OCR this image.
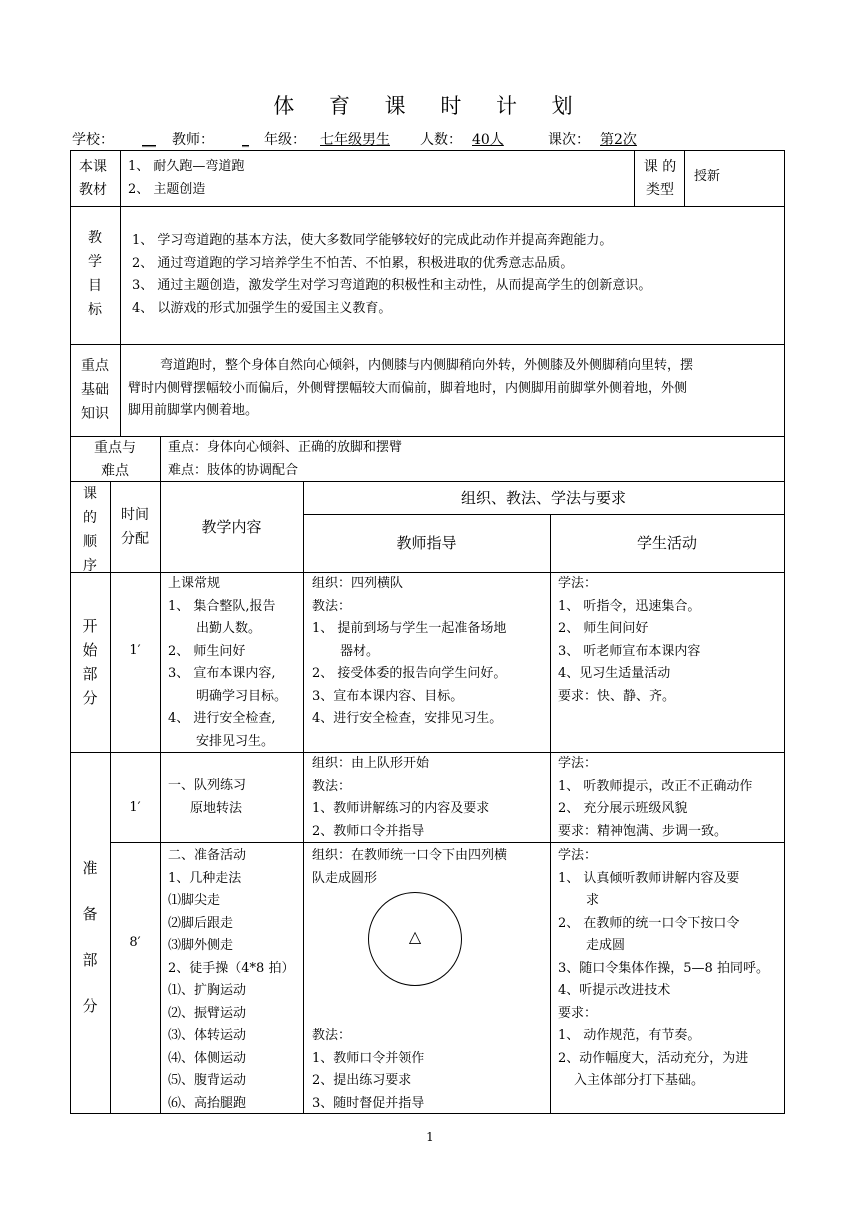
体 育 课 时 计 划
学校： __ 教师： _ 年级： 七年级男生 人数： 40人	课次： 第2次
本课
教材
1、 耐久跑—弯道跑
2、 主题创造
课 的
类型
授新
教
学
目
标
1、 学习弯道跑的基本方法，使大多数同学能够较好的完成此动作并提高奔跑能力。
2、 通过弯道跑的学习培养学生不怕苦、不怕累，积极进取的优秀意志品质。
3、 通过主题创造，激发学生对学习弯道跑的积极性和主动性，从而提高学生的创新意识。
4、 以游戏的形式加强学生的爱国主义教育。
重点
基础
知识
弯道跑时，整个身体自然向心倾斜，内侧膝与内侧脚稍向外转，外侧膝及外侧脚稍向里转，摆
臂时内侧臂摆幅较小而偏后，外侧臂摆幅较大而偏前，脚着地时，内侧脚用前脚掌外侧着地，外侧
脚用前脚掌内侧着地。
重点与
难点
重点：身体向心倾斜、正确的放脚和摆臂
难点：肢体的协调配合
课
的
顺
序
时间
分配
教学内容
组织、教法、学法与要求
教师指导	学生活动
开
始
部
分
1′
上课常规
1、 集合整队,报告
出勤人数。
2、 师生问好
3、 宣布本课内容,
明确学习目标。
4、 进行安全检查,
安排见习生。
组织：四列横队
教法：
1、 提前到场与学生一起准备场地
器材。
2、 接受体委的报告向学生问好。
3、宣布本课内容、目标。
4、进行安全检查，安排见习生。
学法：
1、 听指令，迅速集合。
2、 师生间问好
3、 听老师宣布本课内容
4、见习生适量活动
要求：快、静、齐。
准
备
部
分
1′
一、队列练习
原地转法
组织：由上队形开始
教法：
1、教师讲解练习的内容及要求
2、教师口令并指导
学法：
1、 听教师提示，改正不正确动作
2、 充分展示班级风貌
要求：精神饱满、步调一致。
8′
二、准备活动
1、几种走法
⑴脚尖走
⑵脚后跟走
⑶脚外侧走
2、徒手操（4*8 拍）
⑴、扩胸运动
⑵、振臂运动
⑶、体转运动
⑷、体侧运动
⑸、腹背运动
⑹、高抬腿跑
组织：在教师统一口令下由四列横
队走成圆形
△
教法：
1、教师口令并领作
2、提出练习要求
3、随时督促并指导
学法：
1、 认真倾听教师讲解内容及要
求
2、 在教师的统一口令下按口令
走成圆
3、随口令集体作操，5—8 拍同呼。
4、听提示改进技术
要求：
1、 动作规范，有节奏。
2、动作幅度大，活动充分，为进
入主体部分打下基础。
1
